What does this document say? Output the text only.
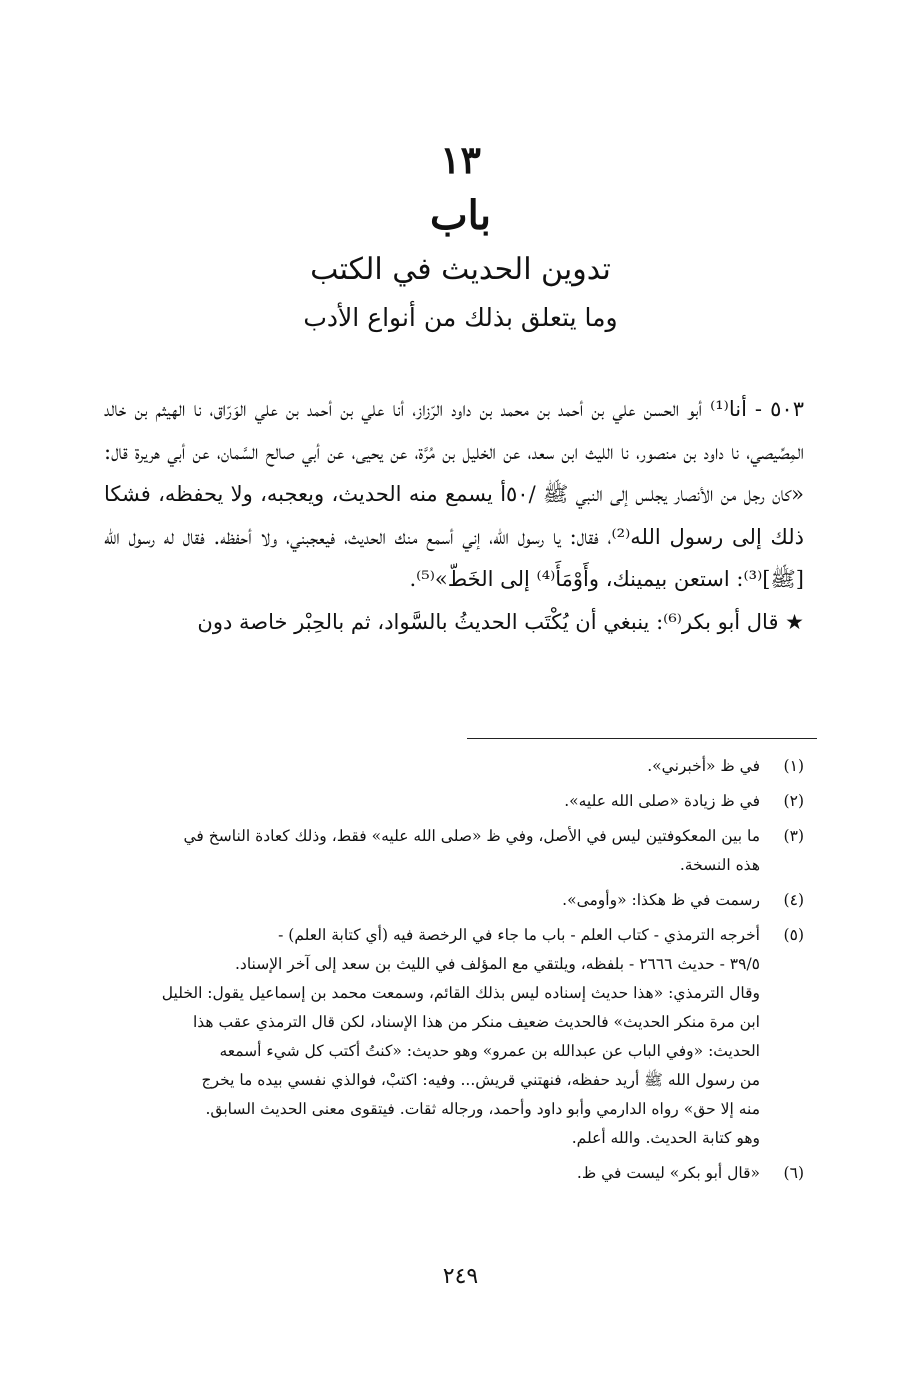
١٣
باب
تدوين الحديث في الكتب
وما يتعلق بذلك من أنواع الأدب

٥٠٣ -أنا⁽¹⁾ أبو الحسن علي بن أحمد بن محمد بن داود الرّزاز، أنا علي بن أحمد بن علي الوَرّاق، نا الهيثم بن خالد المِصِّيصي، نا داود بن منصور، نا الليث ابن سعد، عن الخليل بن مُرَّة، عن يحيى، عن أبي صالح السَّمان، عن أبي هريرة قال: «كان رجل من الأنصار يجلس إلى النبي ﷺ /٥٠أ يسمع منه الحديث، ويعجبه، ولا يحفظه، فشكا ذلك إلى رسول الله⁽²⁾، فقال: يا رسول الله، إني أسمع منك الحديث، فيعجبني، ولا أحفظه. فقال له رسول الله [ﷺ]⁽³⁾: استعن بيمينك، وأَوْمَأَ⁽⁴⁾ إلى الخَطّ»⁽⁵⁾.

★ قال أبو بكر⁽⁶⁾: ينبغي أن يُكْتَب الحديثُ بالسَّواد، ثم بالحِبْر خاصة دون

(١)
في ظ «أخبرني».
(٢)
في ظ زيادة «صلى الله عليه».
(٣)
ما بين المعكوفتين ليس في الأصل، وفي ظ «صلى الله عليه» فقط، وذلك كعادة الناسخ في
هذه النسخة.
(٤)
رسمت في ظ هكذا: «وأومى».
(٥)
أخرجه الترمذي - كتاب العلم - باب ما جاء في الرخصة فيه (أي كتابة العلم) -
٣٩/٥ - حديث ٢٦٦٦ - بلفظه، ويلتقي مع المؤلف في الليث بن سعد إلى آخر الإسناد.
وقال الترمذي: «هذا حديث إسناده ليس بذلك القائم، وسمعت محمد بن إسماعيل يقول: الخليل
ابن مرة منكر الحديث» فالحديث ضعيف منكر من هذا الإسناد، لكن قال الترمذي عقب هذا
الحديث: «وفي الباب عن عبدالله بن عمرو» وهو حديث: «كنتُ أكتب كل شيء أسمعه
من رسول الله ﷺ أريد حفظه، فنهتني قريش... وفيه: اكتبْ، فوالذي نفسي بيده ما يخرج
منه إلا حق» رواه الدارمي وأبو داود وأحمد، ورجاله ثقات. فيتقوى معنى الحديث السابق.
وهو كتابة الحديث. والله أعلم.
(٦)
«قال أبو بكر» ليست في ظ.
٢٤٩
